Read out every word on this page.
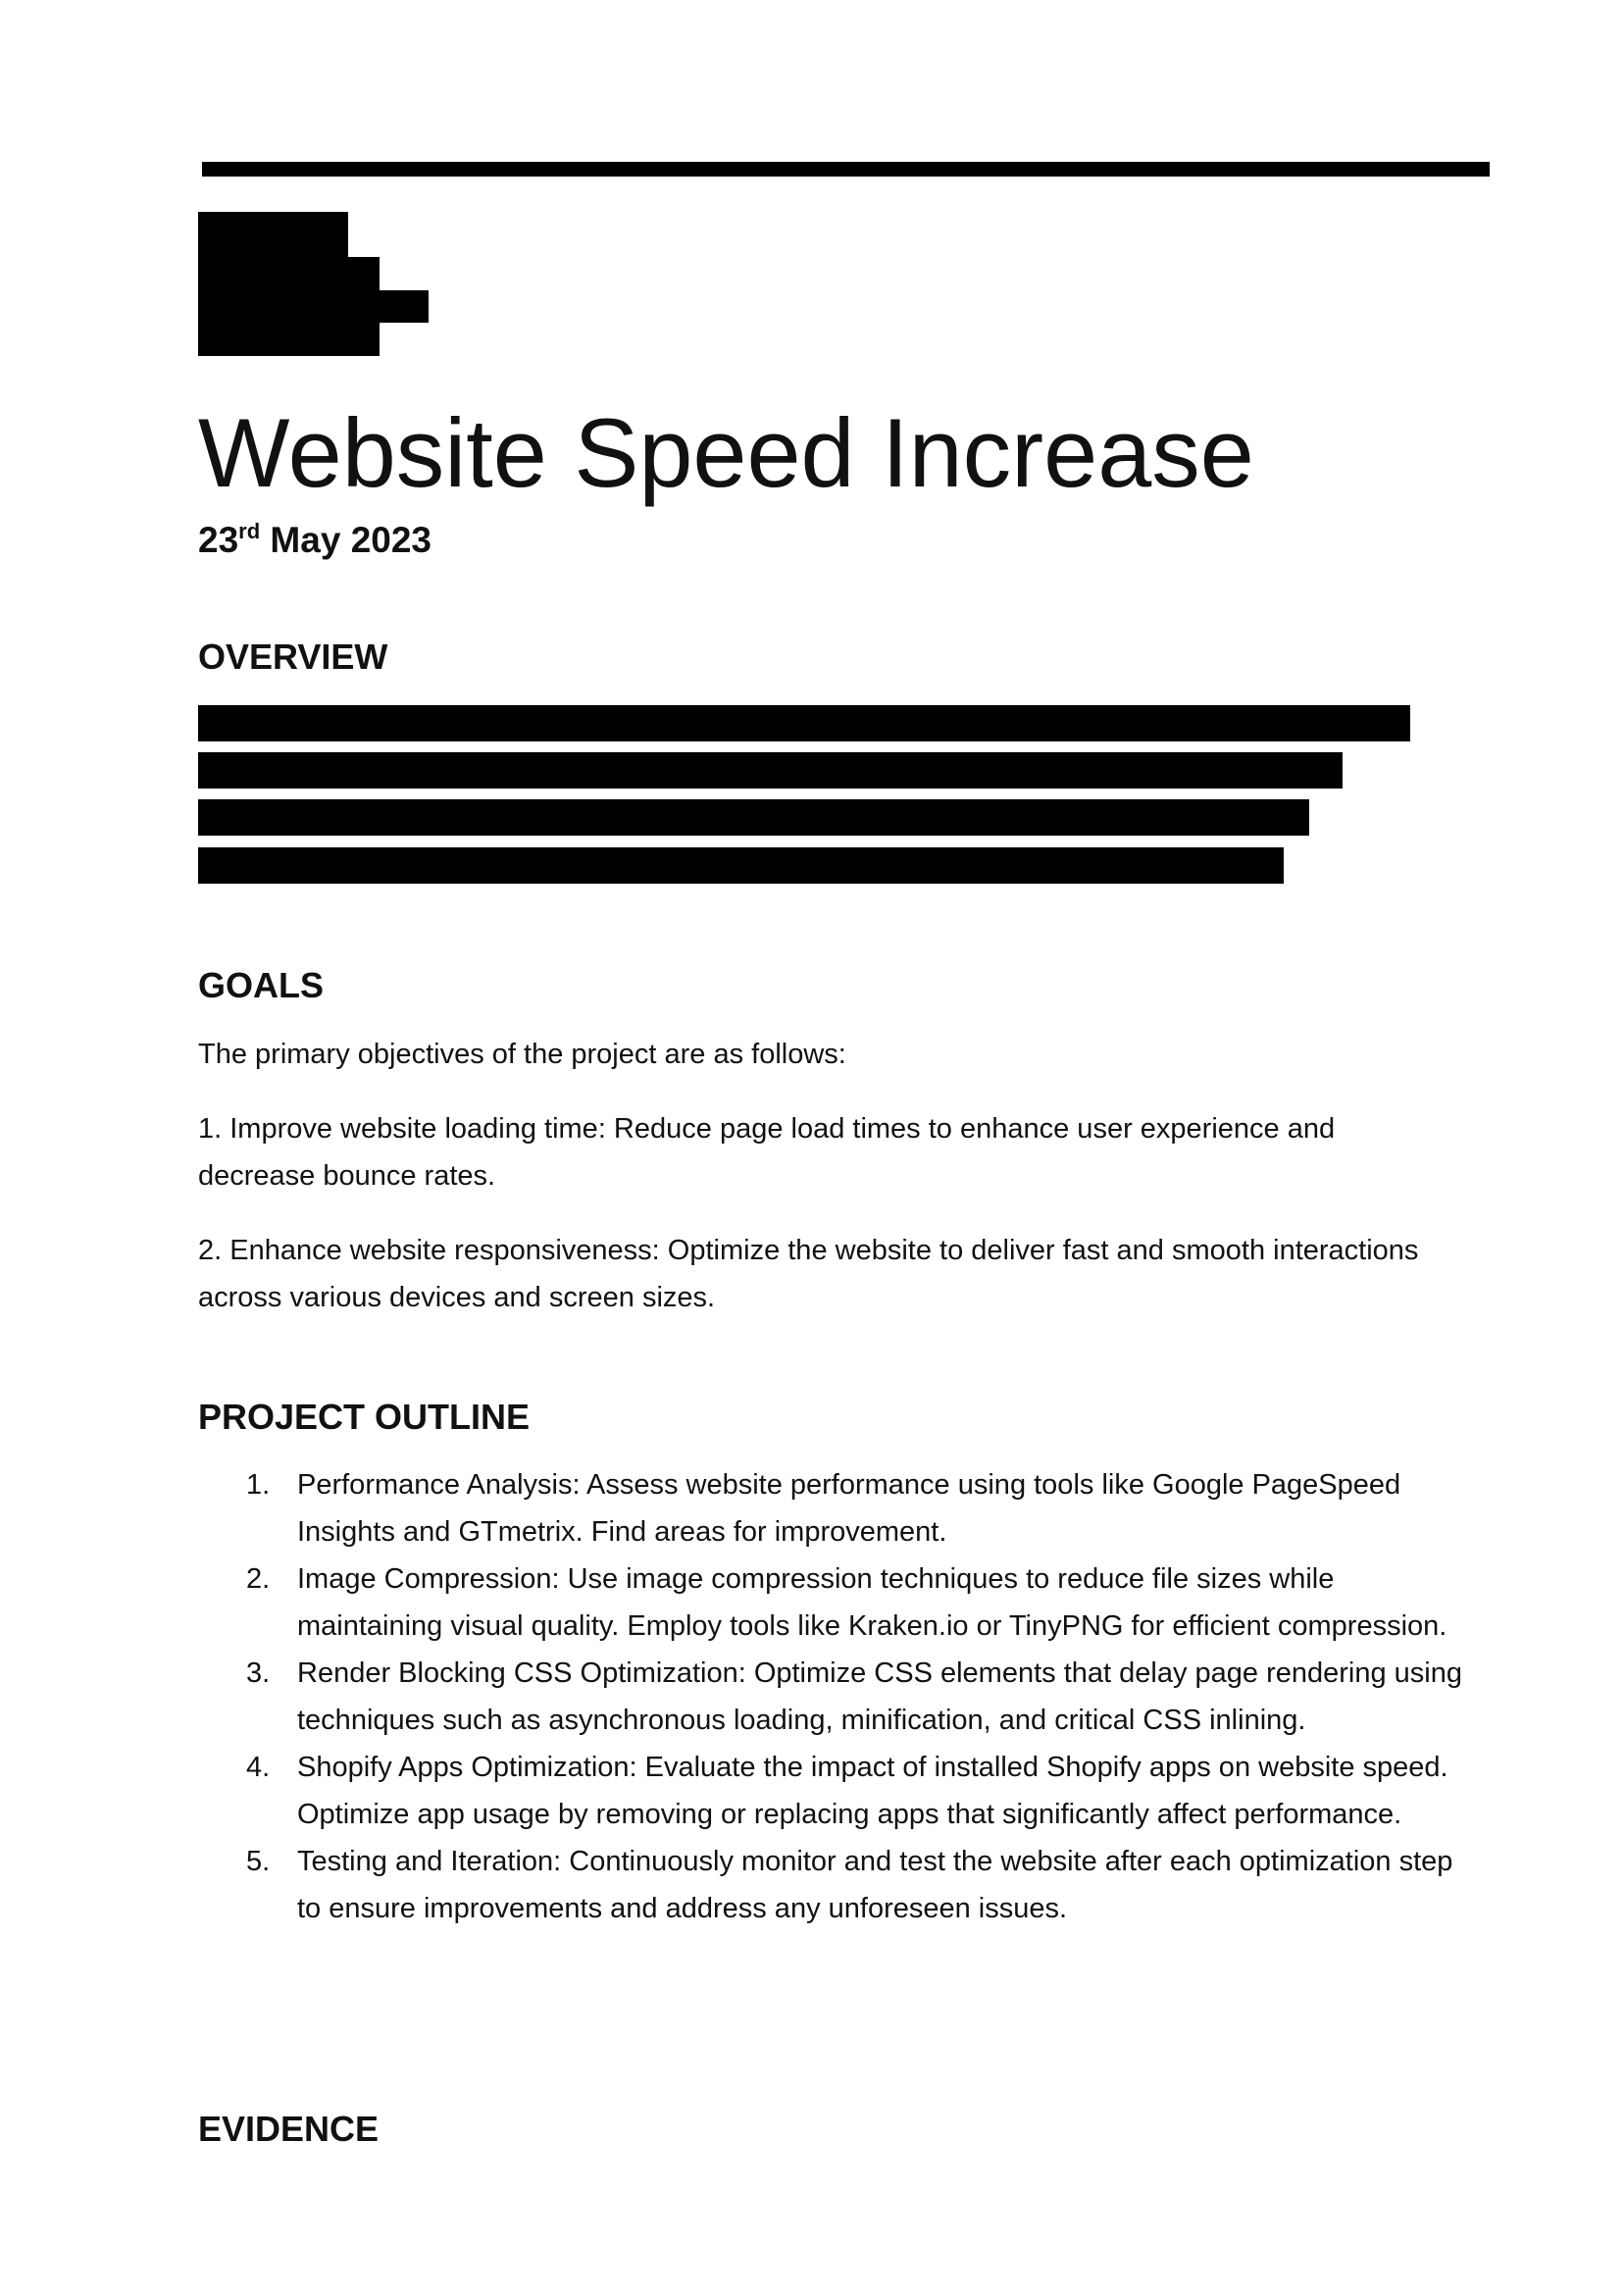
Website Speed Increase

23rd May 2023

OVERVIEW
GOALS

The primary objectives of the project are as follows:

1. Improve website loading time: Reduce page load times to enhance user experience and decrease bounce rates.

2. Enhance website responsiveness: Optimize the website to deliver fast and smooth interactions across various devices and screen sizes.

PROJECT OUTLINE
1. Performance Analysis: Assess website performance using tools like Google PageSpeed Insights and GTmetrix. Find areas for improvement.
2. Image Compression: Use image compression techniques to reduce file sizes while maintaining visual quality. Employ tools like Kraken.io or TinyPNG for efficient compression.
3. Render Blocking CSS Optimization: Optimize CSS elements that delay page rendering using techniques such as asynchronous loading, minification, and critical CSS inlining.
4. Shopify Apps Optimization: Evaluate the impact of installed Shopify apps on website speed. Optimize app usage by removing or replacing apps that significantly affect performance.
5. Testing and Iteration: Continuously monitor and test the website after each optimization step to ensure improvements and address any unforeseen issues.
EVIDENCE
